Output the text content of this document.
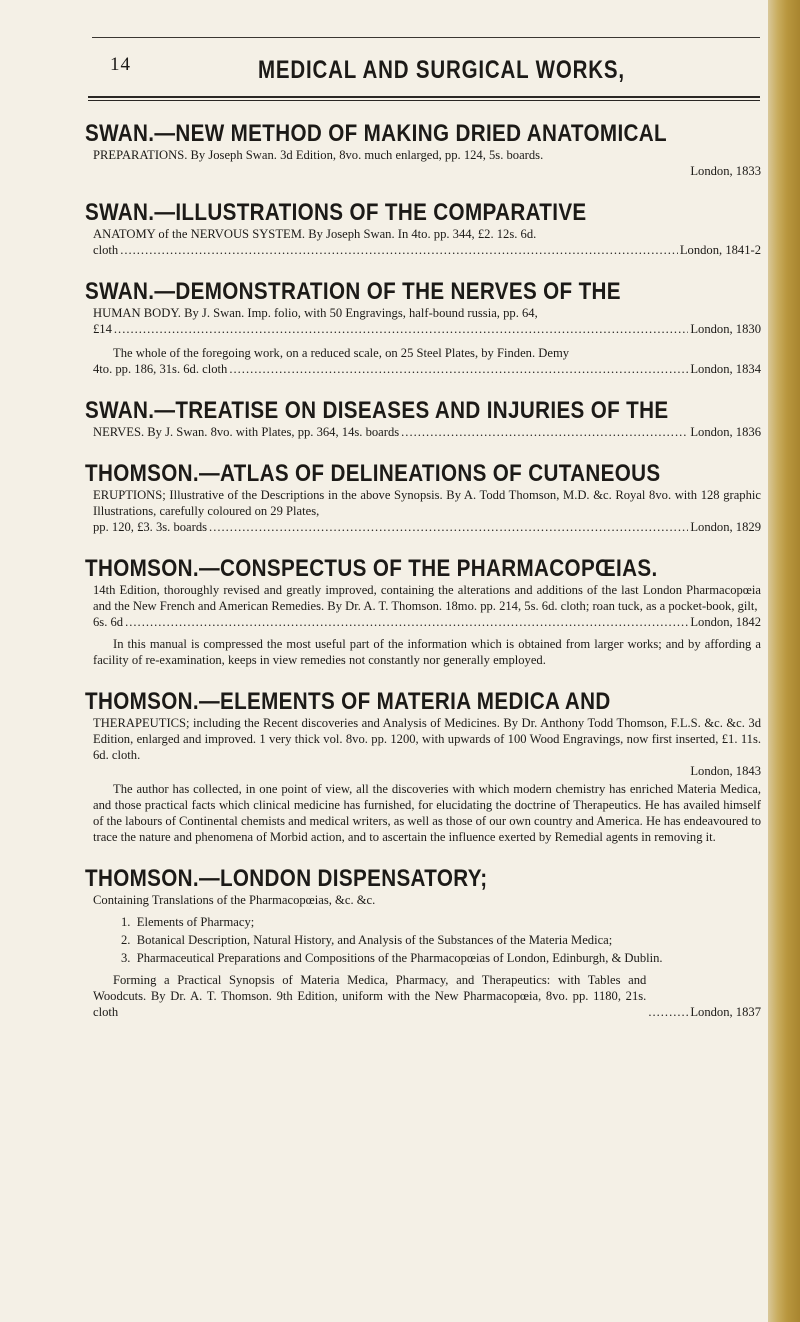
14	MEDICAL AND SURGICAL WORKS,
SWAN.—NEW METHOD OF MAKING DRIED ANATOMICAL
PREPARATIONS. By Joseph Swan. 3d Edition, 8vo. much enlarged, pp. 124, 5s. boards.
London, 1833
SWAN.—ILLUSTRATIONS OF THE COMPARATIVE
ANATOMY of the NERVOUS SYSTEM. By Joseph Swan. In 4to. pp. 344, £2. 12s. 6d.
cloth .....	London, 1841-2
SWAN.—DEMONSTRATION OF THE NERVES OF THE
HUMAN BODY. By J. Swan. Imp. folio, with 50 Engravings, half-bound russia, pp. 64,
£14 .....	London, 1830
The whole of the foregoing work, on a reduced scale, on 25 Steel Plates, by Finden. Demy
4to. pp. 186, 31s. 6d. cloth .....	London, 1834
SWAN.—TREATISE ON DISEASES AND INJURIES OF THE
NERVES. By J. Swan. 8vo. with Plates, pp. 364, 14s. boards .....	London, 1836
THOMSON.—ATLAS OF DELINEATIONS OF CUTANEOUS
ERUPTIONS; Illustrative of the Descriptions in the above Synopsis. By A. Todd Thomson, M.D. &c. Royal 8vo. with 128 graphic Illustrations, carefully coloured on 29 Plates,
pp. 120, £3. 3s. boards .....	London, 1829
THOMSON.—CONSPECTUS OF THE PHARMACOPŒIAS.
14th Edition, thoroughly revised and greatly improved, containing the alterations and additions of the last London Pharmacopœia and the New French and American Remedies. By Dr. A. T. Thomson. 18mo. pp. 214, 5s. 6d. cloth; roan tuck, as a pocket-book, gilt,
6s. 6d .....	London, 1842
In this manual is compressed the most useful part of the information which is obtained from larger works; and by affording a facility of re-examination, keeps in view remedies not constantly nor generally employed.
THOMSON.—ELEMENTS OF MATERIA MEDICA AND
THERAPEUTICS; including the Recent discoveries and Analysis of Medicines. By Dr. Anthony Todd Thomson, F.L.S. &c. &c. 3d Edition, enlarged and improved. 1 very thick vol. 8vo. pp. 1200, with upwards of 100 Wood Engravings, now first inserted, £1. 11s. 6d. cloth.
London, 1843
The author has collected, in one point of view, all the discoveries with which modern chemistry has enriched Materia Medica, and those practical facts which clinical medicine has furnished, for elucidating the doctrine of Therapeutics. He has availed himself of the labours of Continental chemists and medical writers, as well as those of our own country and America. He has endeavoured to trace the nature and phenomena of Morbid action, and to ascertain the influence exerted by Remedial agents in removing it.
THOMSON.—LONDON DISPENSATORY;
Containing Translations of the Pharmacopœias, &c. &c.
1. Elements of Pharmacy;
2. Botanical Description, Natural History, and Analysis of the Substances of the Materia Medica;
3. Pharmaceutical Preparations and Compositions of the Pharmacopœias of London, Edinburgh, & Dublin.
Forming a Practical Synopsis of Materia Medica, Pharmacy, and Therapeutics: with Tables and Woodcuts. By Dr. A. T. Thomson. 9th Edition, uniform with the New Pharmacopœia, 8vo. pp. 1180, 21s. cloth .....	London, 1837
